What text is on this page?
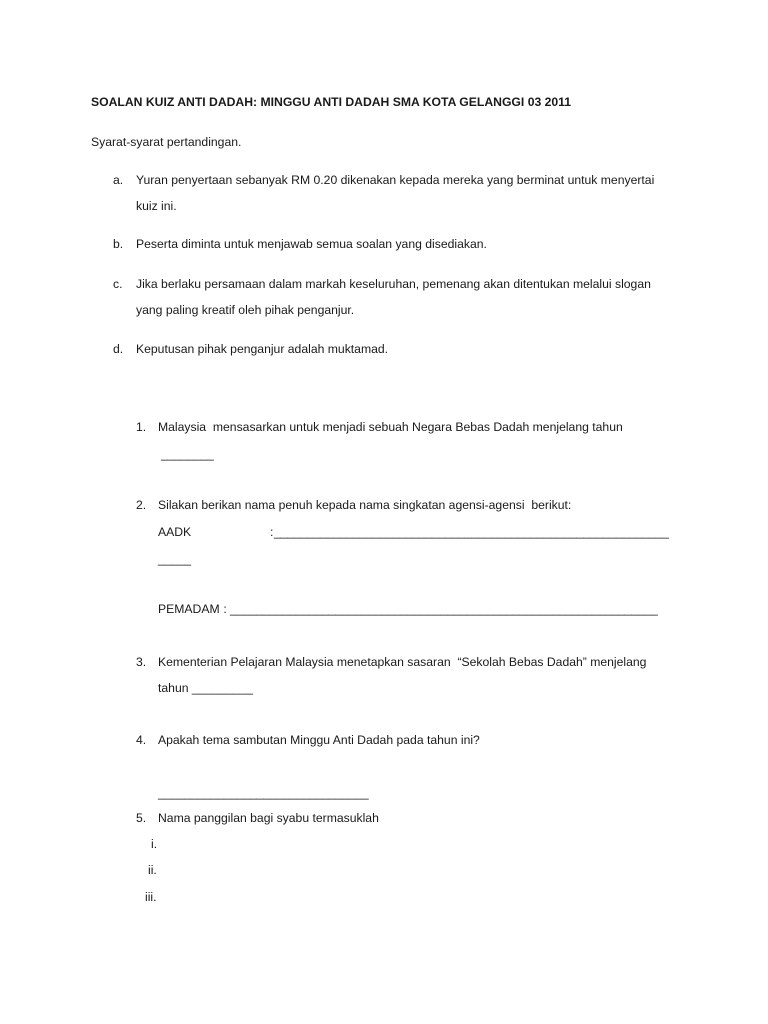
SOALAN KUIZ ANTI DADAH: MINGGU ANTI DADAH SMA KOTA GELANGGI 03 2011
Syarat-syarat pertandingan.
a. Yuran penyertaan sebanyak RM 0.20 dikenakan kepada mereka yang berminat untuk menyertai
kuiz ini.
b. Peserta diminta untuk menjawab semua soalan yang disediakan.
c. Jika berlaku persamaan dalam markah keseluruhan, pemenang akan ditentukan melalui slogan
yang paling kreatif oleh pihak penganjur.
d. Keputusan pihak penganjur adalah muktamad.
1. Malaysia  mensasarkan untuk menjadi sebuah Negara Bebas Dadah menjelang tahun
________
2. Silakan berikan nama penuh kepada nama singkatan agensi-agensi  berikut:
AADK	: ____________________________________________________________
_____
PEMADAM : _________________________________________________________________
3. Kementerian Pelajaran Malaysia menetapkan sasaran  “Sekolah Bebas Dadah” menjelang
tahun _________
4. Apakah tema sambutan Minggu Anti Dadah pada tahun ini?
________________________________
5. Nama panggilan bagi syabu termasuklah
i.
ii.
iii.
